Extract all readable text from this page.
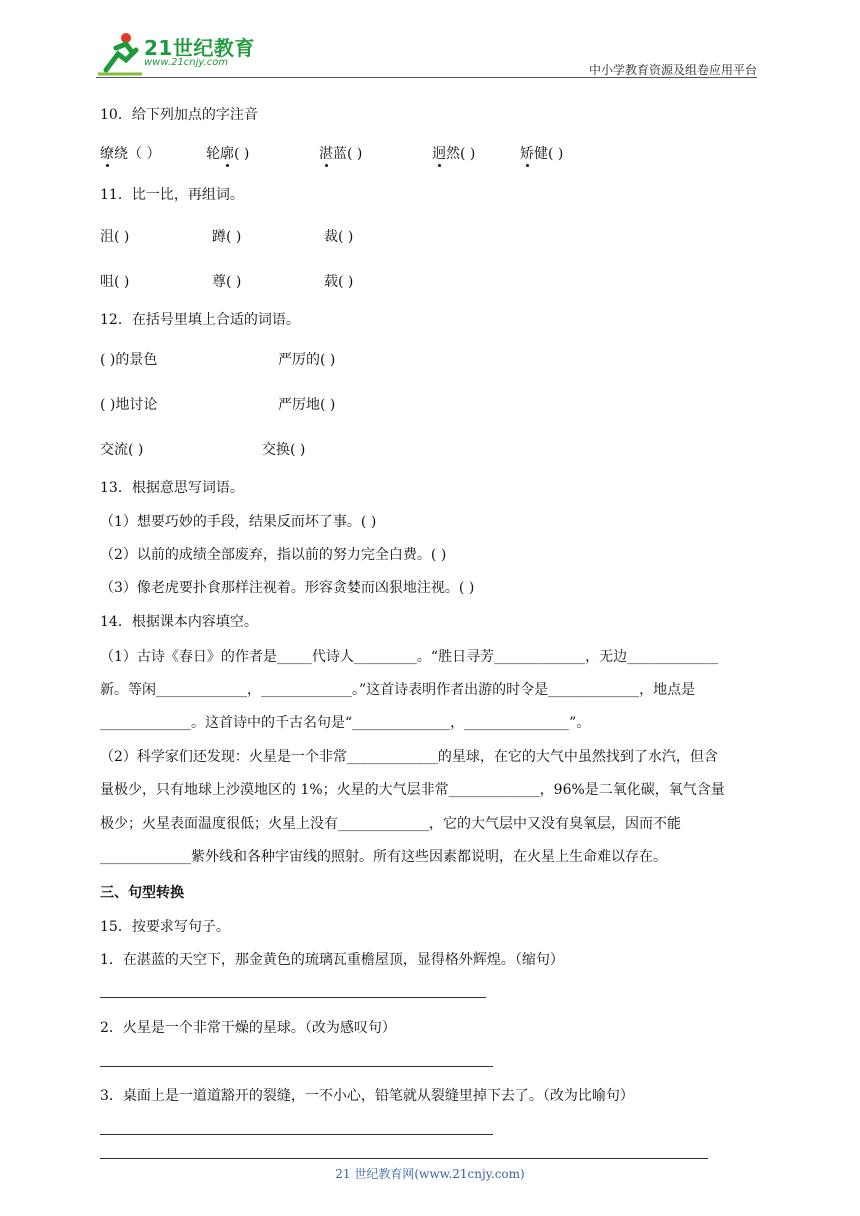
21世纪教育
www.21cnjy.com
中小学教育资源及组卷应用平台
10．给下列加点的字注音
缭绕（ ）	轮廓( )	湛蓝( )	迥然( )	矫健( )
11．比一比，再组词。
沮( )	蹲( )	裁( )
咀( )	尊( )	载( )
12．在括号里填上合适的词语。
( )的景色	严厉的( )
( )地讨论	严厉地( )
交流( )	交换( )
13．根据意思写词语。
（1）想要巧妙的手段，结果反而坏了事。( )
（2）以前的成绩全部废弃，指以前的努力完全白费。( )
（3）像老虎要扑食那样注视着。形容贪婪而凶狠地注视。( )
14．根据课本内容填空。
（1）古诗《春日》的作者是_____代诗人_________。“胜日寻芳_____________，无边_____________
新。等闲_____________，_____________。”这首诗表明作者出游的时令是_____________，地点是
_____________。这首诗中的千古名句是“______________，_______________”。
（2）科学家们还发现：火星是一个非常_____________的星球，在它的大气中虽然找到了水汽，但含
量极少，只有地球上沙漠地区的 1%；火星的大气层非常_____________，96%是二氧化碳，氧气含量
极少；火星表面温度很低；火星上没有_____________，它的大气层中又没有臭氧层，因而不能
_____________紫外线和各种宇宙线的照射。所有这些因素都说明，在火星上生命难以存在。
三、句型转换
15．按要求写句子。
1．在湛蓝的天空下，那金黄色的琉璃瓦重檐屋顶，显得格外辉煌。（缩句）
2．火星是一个非常干燥的星球。（改为感叹句）
3．桌面上是一道道豁开的裂缝，一不小心，铅笔就从裂缝里掉下去了。（改为比喻句）
21 世纪教育网(www.21cnjy.com)
